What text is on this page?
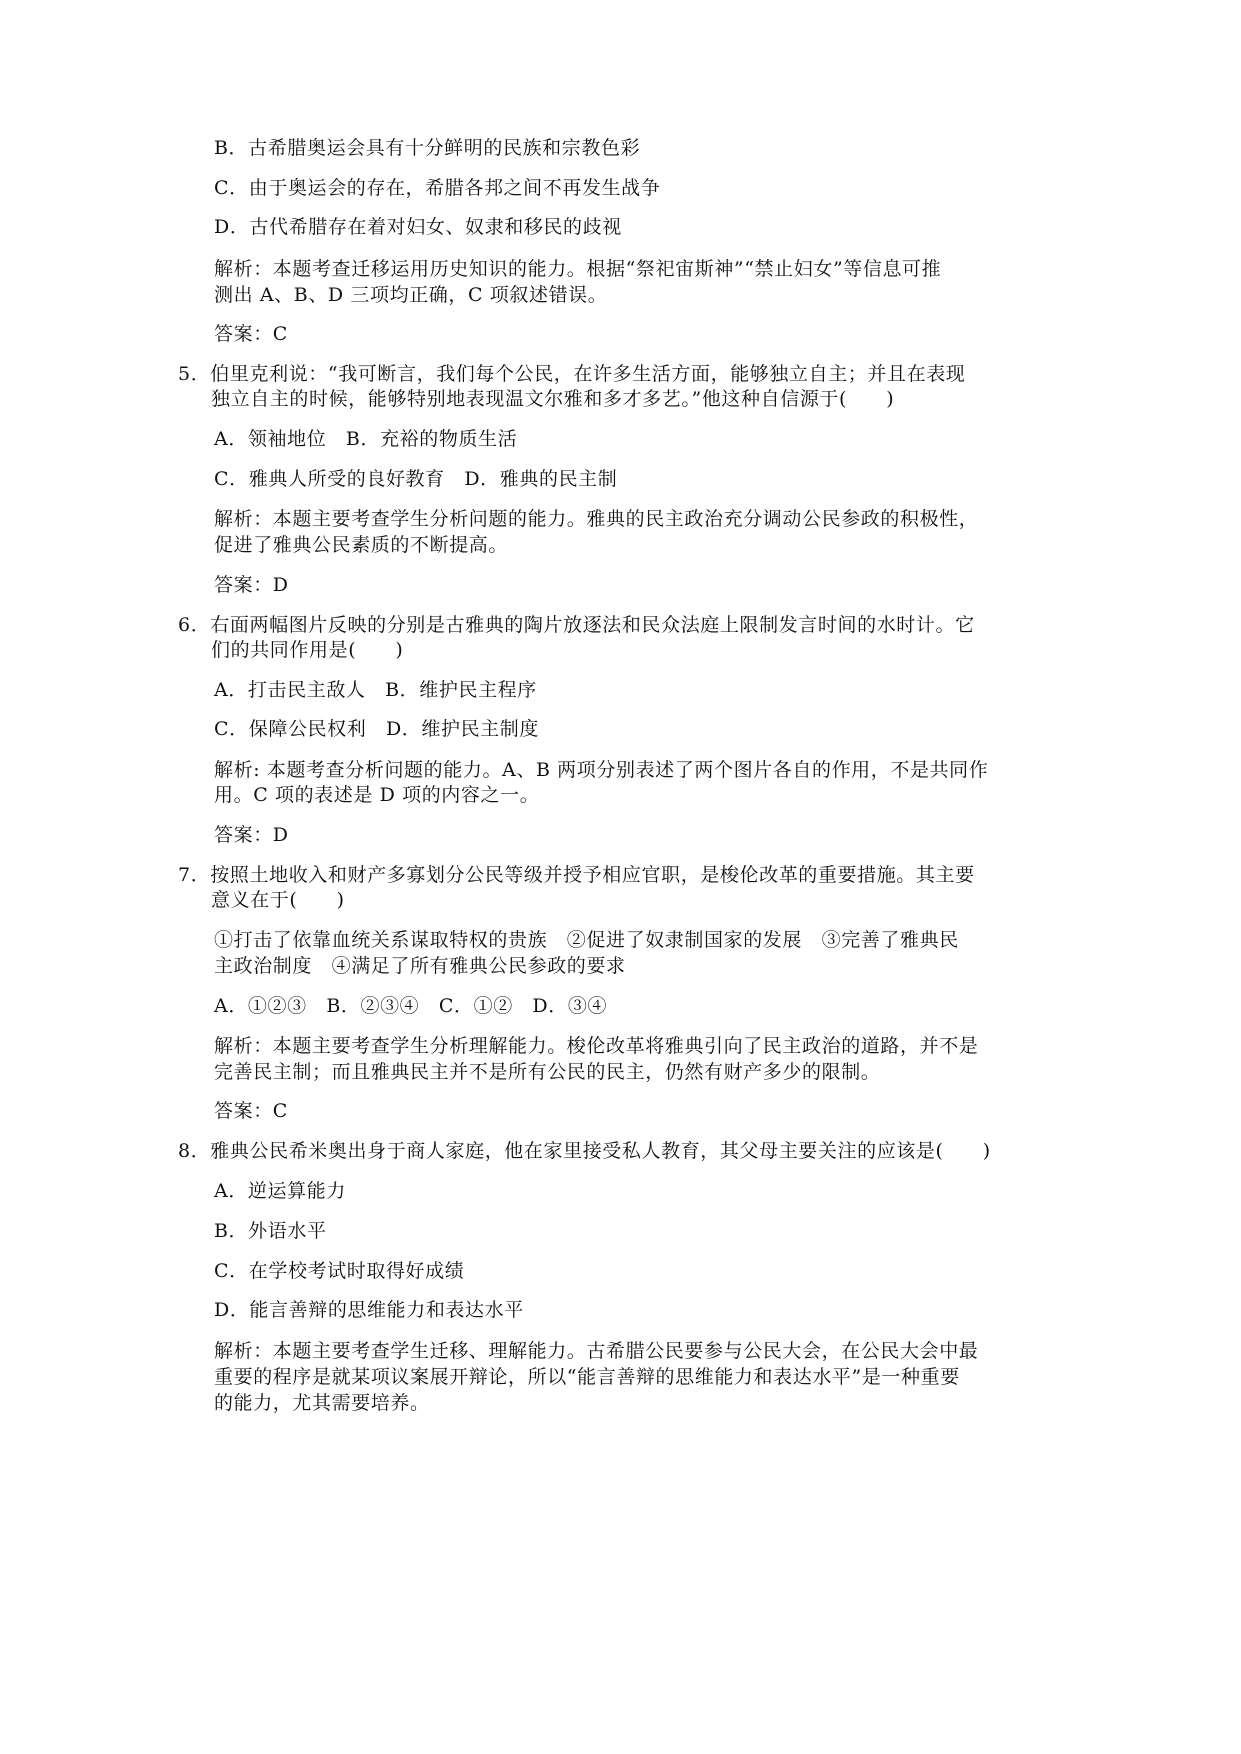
B．古希腊奥运会具有十分鲜明的民族和宗教色彩
C．由于奥运会的存在，希腊各邦之间不再发生战争
D．古代希腊存在着对妇女、奴隶和移民的歧视
解析：本题考查迁移运用历史知识的能力。根据“祭祀宙斯神”“禁止妇女”等信息可推
测出 A、B、D 三项均正确，C 项叙述错误。
答案：C
5．伯里克利说：“我可断言，我们每个公民，在许多生活方面，能够独立自主；并且在表现
独立自主的时候，能够特别地表现温文尔雅和多才多艺。”他这种自信源于(　　)
A．领袖地位　B．充裕的物质生活
C．雅典人所受的良好教育　D．雅典的民主制
解析：本题主要考查学生分析问题的能力。雅典的民主政治充分调动公民参政的积极性，
促进了雅典公民素质的不断提高。
答案：D
6．右面两幅图片反映的分别是古雅典的陶片放逐法和民众法庭上限制发言时间的水时计。它
们的共同作用是(　　)
A．打击民主敌人　B．维护民主程序
C．保障公民权利　D．维护民主制度
解析: 本题考查分析问题的能力。A、B 两项分别表述了两个图片各自的作用，不是共同作
用。C 项的表述是 D 项的内容之一。
答案：D
7．按照土地收入和财产多寡划分公民等级并授予相应官职，是梭伦改革的重要措施。其主要
意义在于(　　)
①打击了依靠血统关系谋取特权的贵族　②促进了奴隶制国家的发展　③完善了雅典民
主政治制度　④满足了所有雅典公民参政的要求
A．①②③　B．②③④　C．①②　D．③④
解析：本题主要考查学生分析理解能力。梭伦改革将雅典引向了民主政治的道路，并不是
完善民主制；而且雅典民主并不是所有公民的民主，仍然有财产多少的限制。
答案：C
8．雅典公民希米奥出身于商人家庭，他在家里接受私人教育，其父母主要关注的应该是(　　)
A．逆运算能力
B．外语水平
C．在学校考试时取得好成绩
D．能言善辩的思维能力和表达水平
解析：本题主要考查学生迁移、理解能力。古希腊公民要参与公民大会，在公民大会中最
重要的程序是就某项议案展开辩论，所以“能言善辩的思维能力和表达水平”是一种重要
的能力，尤其需要培养。
